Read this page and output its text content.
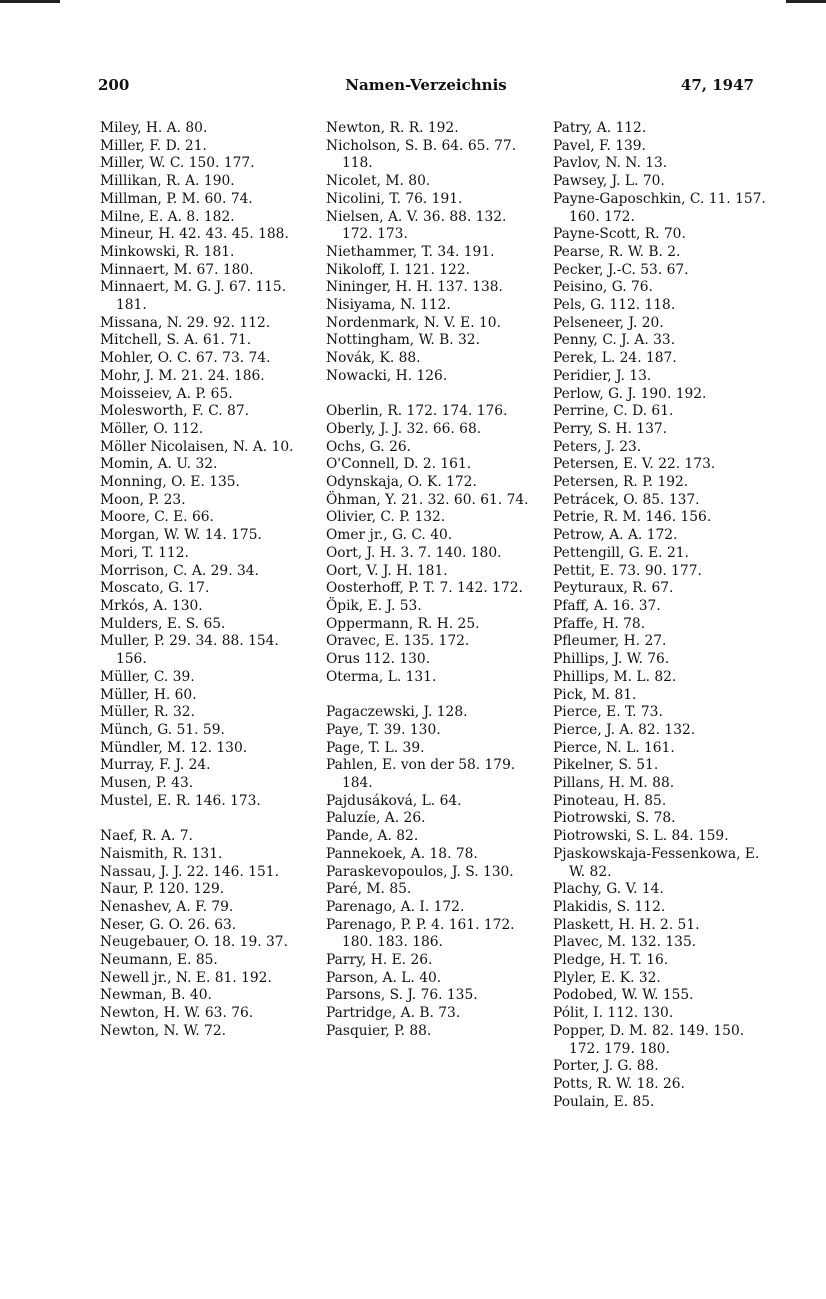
200	Namen-Verzeichnis	47, 1947
Miley, H. A. 80.
Miller, F. D. 21.
Miller, W. C. 150. 177.
Millikan, R. A. 190.
Millman, P. M. 60. 74.
Milne, E. A. 8. 182.
Mineur, H. 42. 43. 45. 188.
Minkowski, R. 181.
Minnaert, M. 67. 180.
Minnaert, M. G. J. 67. 115. 181.
Missana, N. 29. 92. 112.
Mitchell, S. A. 61. 71.
Mohler, O. C. 67. 73. 74.
Mohr, J. M. 21. 24. 186.
Moisseiev, A. P. 65.
Molesworth, F. C. 87.
Möller, O. 112.
Möller Nicolaisen, N. A. 10.
Momin, A. U. 32.
Monning, O. E. 135.
Moon, P. 23.
Moore, C. E. 66.
Morgan, W. W. 14. 175.
Mori, T. 112.
Morrison, C. A. 29. 34.
Moscato, G. 17.
Mrkós, A. 130.
Mulders, E. S. 65.
Muller, P. 29. 34. 88. 154. 156.
Müller, C. 39.
Müller, H. 60.
Müller, R. 32.
Münch, G. 51. 59.
Mündler, M. 12. 130.
Murray, F. J. 24.
Musen, P. 43.
Mustel, E. R. 146. 173.
Naef, R. A. 7.
Naismith, R. 131.
Nassau, J. J. 22. 146. 151.
Naur, P. 120. 129.
Nenashev, A. F. 79.
Neser, G. O. 26. 63.
Neugebauer, O. 18. 19. 37.
Neumann, E. 85.
Newell jr., N. E. 81. 192.
Newman, B. 40.
Newton, H. W. 63. 76.
Newton, N. W. 72.
Newton, R. R. 192.
Nicholson, S. B. 64. 65. 77. 118.
Nicolet, M. 80.
Nicolini, T. 76. 191.
Nielsen, A. V. 36. 88. 132. 172. 173.
Niethammer, T. 34. 191.
Nikoloff, I. 121. 122.
Nininger, H. H. 137. 138.
Nisiyama, N. 112.
Nordenmark, N. V. E. 10.
Nottingham, W. B. 32.
Novák, K. 88.
Nowacki, H. 126.
Oberlin, R. 172. 174. 176.
Oberly, J. J. 32. 66. 68.
Ochs, G. 26.
O'Connell, D. 2. 161.
Odynskaja, O. K. 172.
Öhman, Y. 21. 32. 60. 61. 74.
Olivier, C. P. 132.
Omer jr., G. C. 40.
Oort, J. H. 3. 7. 140. 180.
Oort, V. J. H. 181.
Oosterhoff, P. T. 7. 142. 172.
Öpik, E. J. 53.
Oppermann, R. H. 25.
Oravec, E. 135. 172.
Orus 112. 130.
Oterma, L. 131.
Pagaczewski, J. 128.
Paye, T. 39. 130.
Page, T. L. 39.
Pahlen, E. von der 58. 179. 184.
Pajdusáková, L. 64.
Paluzíe, A. 26.
Pande, A. 82.
Pannekoek, A. 18. 78.
Paraskevopoulos, J. S. 130.
Paré, M. 85.
Parenago, A. I. 172.
Parenago, P. P. 4. 161. 172. 180. 183. 186.
Parry, H. E. 26.
Parson, A. L. 40.
Parsons, S. J. 76. 135.
Partridge, A. B. 73.
Pasquier, P. 88.
Patry, A. 112.
Pavel, F. 139.
Pavlov, N. N. 13.
Pawsey, J. L. 70.
Payne-Gaposchkin, C. 11. 157. 160. 172.
Payne-Scott, R. 70.
Pearse, R. W. B. 2.
Pecker, J.-C. 53. 67.
Peisino, G. 76.
Pels, G. 112. 118.
Pelseneer, J. 20.
Penny, C. J. A. 33.
Perek, L. 24. 187.
Peridier, J. 13.
Perlow, G. J. 190. 192.
Perrine, C. D. 61.
Perry, S. H. 137.
Peters, J. 23.
Petersen, E. V. 22. 173.
Petersen, R. P. 192.
Petrácek, O. 85. 137.
Petrie, R. M. 146. 156.
Petrow, A. A. 172.
Pettengill, G. E. 21.
Pettit, E. 73. 90. 177.
Peyturaux, R. 67.
Pfaff, A. 16. 37.
Pfaffe, H. 78.
Pfleumer, H. 27.
Phillips, J. W. 76.
Phillips, M. L. 82.
Pick, M. 81.
Pierce, E. T. 73.
Pierce, J. A. 82. 132.
Pierce, N. L. 161.
Pikelner, S. 51.
Pillans, H. M. 88.
Pinoteau, H. 85.
Piotrowski, S. 78.
Piotrowski, S. L. 84. 159.
Pjaskowskaja-Fessenkowa, E. W. 82.
Plachy, G. V. 14.
Plakidis, S. 112.
Plaskett, H. H. 2. 51.
Plavec, M. 132. 135.
Pledge, H. T. 16.
Plyler, E. K. 32.
Podobed, W. W. 155.
Pólit, I. 112. 130.
Popper, D. M. 82. 149. 150. 172. 179. 180.
Porter, J. G. 88.
Potts, R. W. 18. 26.
Poulain, E. 85.
